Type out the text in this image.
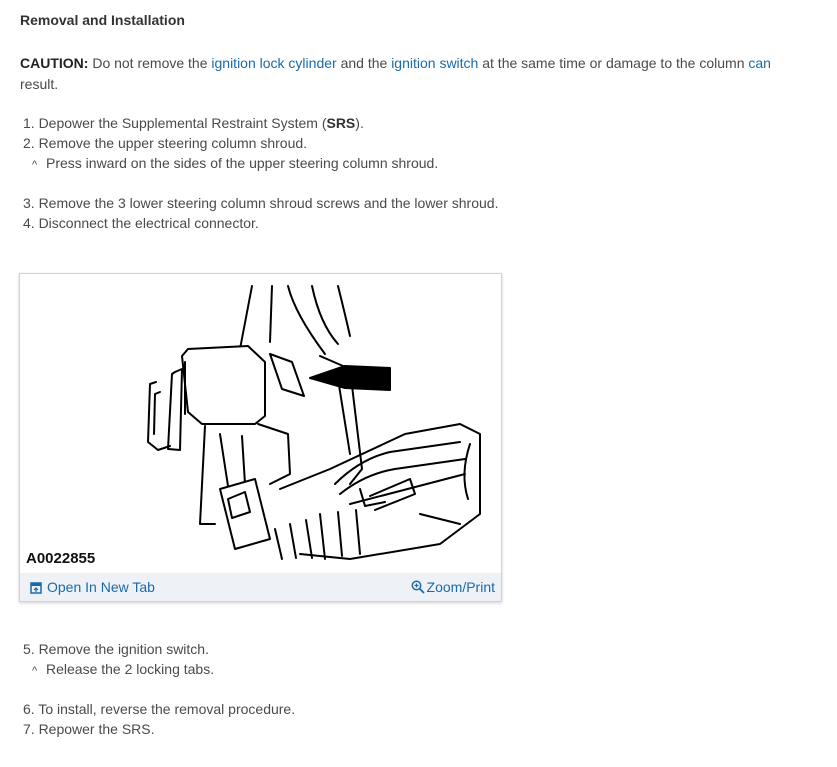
Removal and Installation
CAUTION: Do not remove the ignition lock cylinder and the ignition switch at the same time or damage to the column can result.
1. Depower the Supplemental Restraint System (SRS).
2. Remove the upper steering column shroud.
^ Press inward on the sides of the upper steering column shroud.
3. Remove the 3 lower steering column shroud screws and the lower shroud.
4. Disconnect the electrical connector.
A0022855
Open In New Tab	Zoom/Print
5. Remove the ignition switch.
^ Release the 2 locking tabs.
6. To install, reverse the removal procedure.
7. Repower the SRS.
